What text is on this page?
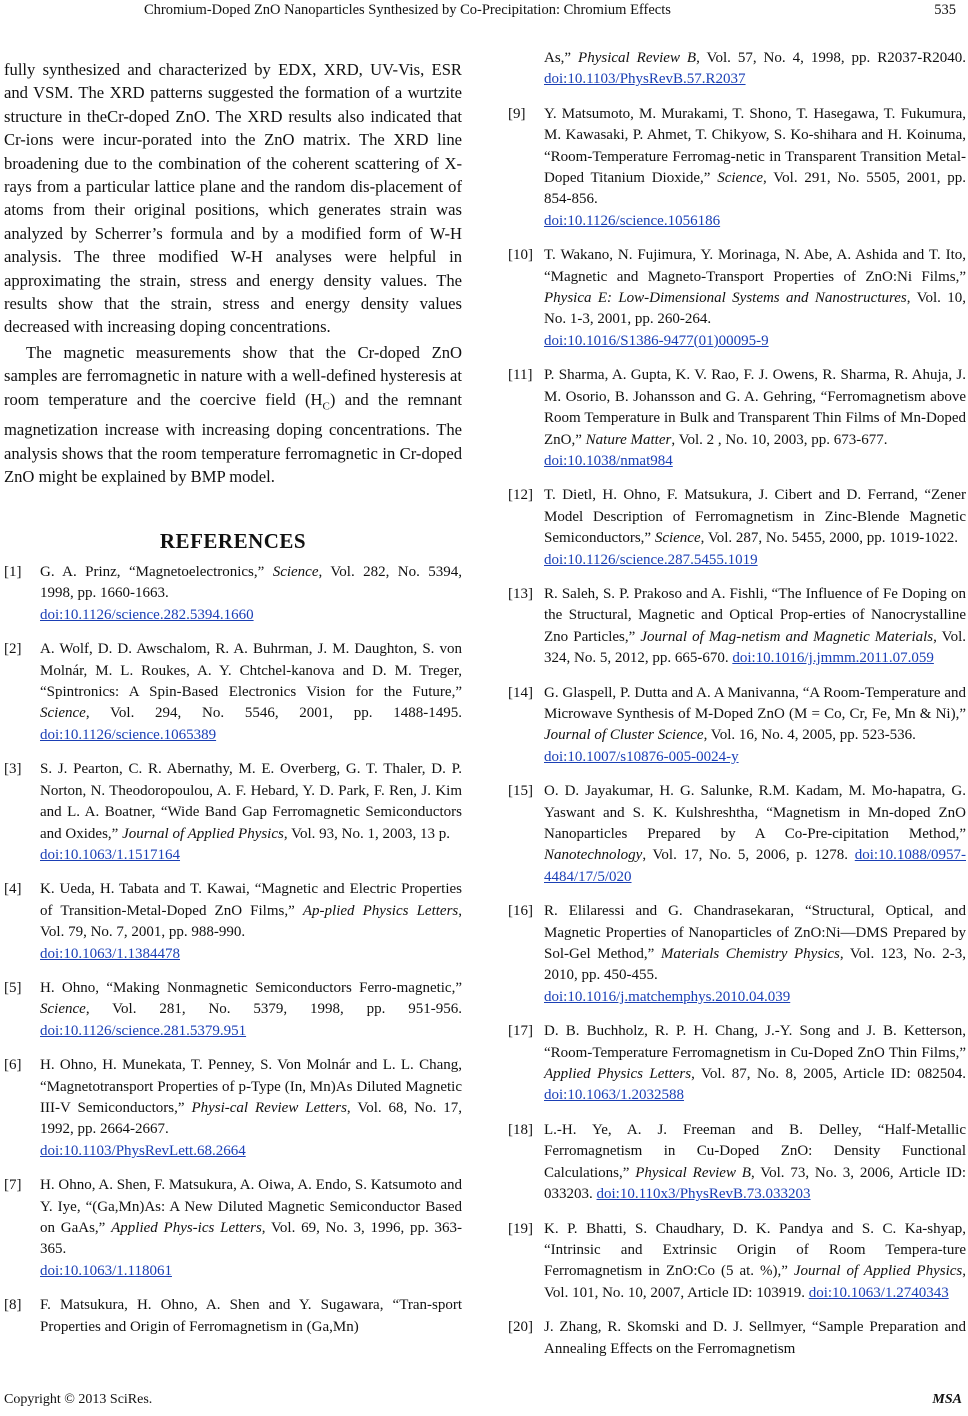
Chromium-Doped ZnO Nanoparticles Synthesized by Co-Precipitation: Chromium Effects	535

fully synthesized and characterized by EDX, XRD, UV-Vis, ESR and VSM. The XRD patterns suggested the formation of a wurtzite structure in theCr-doped ZnO. The XRD results also indicated that Cr-ions were incur-porated into the ZnO matrix. The XRD line broadening due to the combination of the coherent scattering of X-rays from a particular lattice plane and the random dis-placement of atoms from their original positions, which generates strain was analyzed by Scherrer’s formula and by a modified form of W-H analysis. The three modified W-H analyses were helpful in approximating the strain, stress and energy density values. The results show that the strain, stress and energy density values decreased with increasing doping concentrations.

The magnetic measurements show that the Cr-doped ZnO samples are ferromagnetic in nature with a well-defined hysteresis at room temperature and the coercive field $(H_C)$ and the remnant magnetization increase with increasing doping concentrations. The analysis shows that the room temperature ferromagnetic in Cr-doped ZnO might be explained by BMP model.

REFERENCES
[1] G. A. Prinz, “Magnetoelectronics,” Science, Vol. 282, No. 5394, 1998, pp. 1660-1663.
doi:10.1126/science.282.5394.1660
[2] A. Wolf, D. D. Awschalom, R. A. Buhrman, J. M. Daughton, S. von Molnár, M. L. Roukes, A. Y. Chtchel-kanova and D. M. Treger, “Spintronics: A Spin-Based Electronics Vision for the Future,” Science, Vol. 294, No. 5546, 2001, pp. 1488-1495. doi:10.1126/science.1065389
[3] S. J. Pearton, C. R. Abernathy, M. E. Overberg, G. T. Thaler, D. P. Norton, N. Theodoropoulou, A. F. Hebard, Y. D. Park, F. Ren, J. Kim and L. A. Boatner, “Wide Band Gap Ferromagnetic Semiconductors and Oxides,” Journal of Applied Physics, Vol. 93, No. 1, 2003, 13 p.
doi:10.1063/1.1517164
[4] K. Ueda, H. Tabata and T. Kawai, “Magnetic and Electric Properties of Transition-Metal-Doped ZnO Films,” Ap-plied Physics Letters, Vol. 79, No. 7, 2001, pp. 988-990.
doi:10.1063/1.1384478
[5] H. Ohno, “Making Nonmagnetic Semiconductors Ferro-magnetic,” Science, Vol. 281, No. 5379, 1998, pp. 951-956. doi:10.1126/science.281.5379.951
[6] H. Ohno, H. Munekata, T. Penney, S. Von Molnár and L. L. Chang, “Magnetotransport Properties of p-Type (In, Mn)As Diluted Magnetic III-V Semiconductors,” Physi-cal Review Letters, Vol. 68, No. 17, 1992, pp. 2664-2667.
doi:10.1103/PhysRevLett.68.2664
[7] H. Ohno, A. Shen, F. Matsukura, A. Oiwa, A. Endo, S. Katsumoto and Y. Iye, “(Ga,Mn)As: A New Diluted Magnetic Semiconductor Based on GaAs,” Applied Phys-ics Letters, Vol. 69, No. 3, 1996, pp. 363-365.
doi:10.1063/1.118061
[8] F. Matsukura, H. Ohno, A. Shen and Y. Sugawara, “Tran-sport Properties and Origin of Ferromagnetism in (Ga,Mn)
As,” Physical Review B, Vol. 57, No. 4, 1998, pp. R2037-R2040. doi:10.1103/PhysRevB.57.R2037
[9] Y. Matsumoto, M. Murakami, T. Shono, T. Hasegawa, T. Fukumura, M. Kawasaki, P. Ahmet, T. Chikyow, S. Ko-shihara and H. Koinuma, “Room-Temperature Ferromag-netic in Transparent Transition Metal-Doped Titanium Dioxide,” Science, Vol. 291, No. 5505, 2001, pp. 854-856.
doi:10.1126/science.1056186
[10] T. Wakano, N. Fujimura, Y. Morinaga, N. Abe, A. Ashida and T. Ito, “Magnetic and Magneto-Transport Properties of ZnO:Ni Films,” Physica E: Low-Dimensional Systems and Nanostructures, Vol. 10, No. 1-3, 2001, pp. 260-264.
doi:10.1016/S1386-9477(01)00095-9
[11] P. Sharma, A. Gupta, K. V. Rao, F. J. Owens, R. Sharma, R. Ahuja, J. M. Osorio, B. Johansson and G. A. Gehring, “Ferromagnetism above Room Temperature in Bulk and Transparent Thin Films of Mn-Doped ZnO,” Nature Matter, Vol. 2 , No. 10, 2003, pp. 673-677.
doi:10.1038/nmat984
[12] T. Dietl, H. Ohno, F. Matsukura, J. Cibert and D. Ferrand, “Zener Model Description of Ferromagnetism in Zinc-Blende Magnetic Semiconductors,” Science, Vol. 287, No. 5455, 2000, pp. 1019-1022.
doi:10.1126/science.287.5455.1019
[13] R. Saleh, S. P. Prakoso and A. Fishli, “The Influence of Fe Doping on the Structural, Magnetic and Optical Prop-erties of Nanocrystalline Zno Particles,” Journal of Mag-netism and Magnetic Materials, Vol. 324, No. 5, 2012, pp. 665-670. doi:10.1016/j.jmmm.2011.07.059
[14] G. Glaspell, P. Dutta and A. A Manivanna, “A Room-Temperature and Microwave Synthesis of M-Doped ZnO (M = Co, Cr, Fe, Mn & Ni),” Journal of Cluster Science, Vol. 16, No. 4, 2005, pp. 523-536.
doi:10.1007/s10876-005-0024-y
[15] O. D. Jayakumar, H. G. Salunke, R.M. Kadam, M. Mo-hapatra, G. Yaswant and S. K. Kulshreshtha, “Magnetism in Mn-doped ZnO Nanoparticles Prepared by A Co-Pre-cipitation Method,” Nanotechnology, Vol. 17, No. 5, 2006, p. 1278. doi:10.1088/0957-4484/17/5/020
[16] R. Elilaressi and G. Chandrasekaran, “Structural, Optical, and Magnetic Properties of Nanoparticles of ZnO:Ni—DMS Prepared by Sol-Gel Method,” Materials Chemistry Physics, Vol. 123, No. 2-3, 2010, pp. 450-455.
doi:10.1016/j.matchemphys.2010.04.039
[17] D. B. Buchholz, R. P. H. Chang, J.-Y. Song and J. B. Ketterson, “Room-Temperature Ferromagnetism in Cu-Doped ZnO Thin Films,” Applied Physics Letters, Vol. 87, No. 8, 2005, Article ID: 082504. doi:10.1063/1.2032588
[18] L.-H. Ye, A. J. Freeman and B. Delley, “Half-Metallic Ferromagnetism in Cu-Doped ZnO: Density Functional Calculations,” Physical Review B, Vol. 73, No. 3, 2006, Article ID: 033203. doi:10.110x3/PhysRevB.73.033203
[19] K. P. Bhatti, S. Chaudhary, D. K. Pandya and S. C. Ka-shyap, “Intrinsic and Extrinsic Origin of Room Tempera-ture Ferromagnetism in ZnO:Co (5 at. %),” Journal of Applied Physics, Vol. 101, No. 10, 2007, Article ID: 103919. doi:10.1063/1.2740343
[20] J. Zhang, R. Skomski and D. J. Sellmyer, “Sample Preparation and Annealing Effects on the Ferromagnetism
Copyright © 2013 SciRes.	MSA
